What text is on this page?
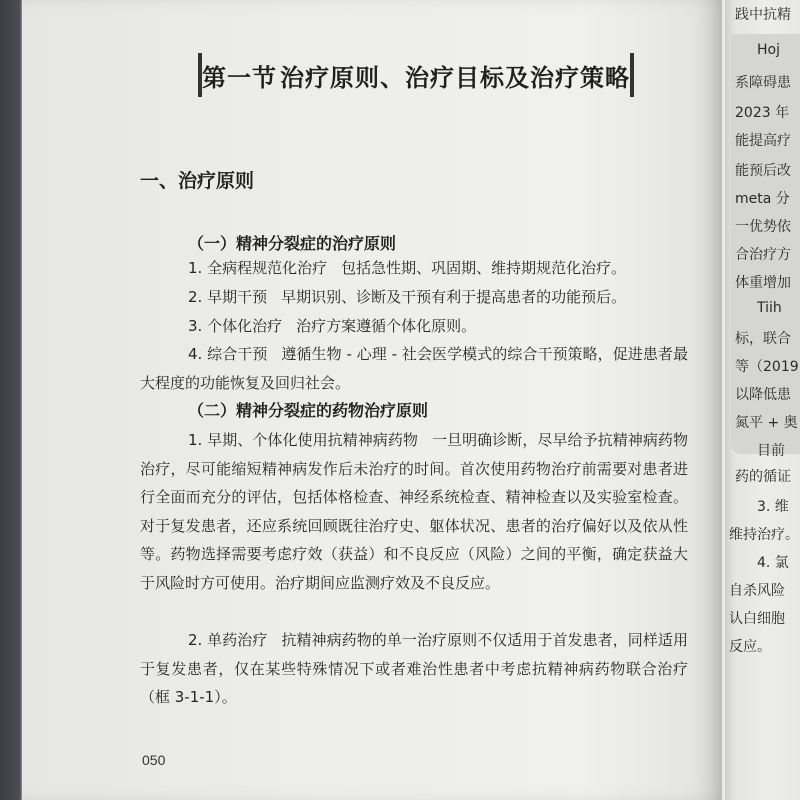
第一节 治疗原则、治疗目标及治疗策略
一、治疗原则
（一）精神分裂症的治疗原则

1. 全病程规范化治疗 包括急性期、巩固期、维持期规范化治疗。

2. 早期干预 早期识别、诊断及干预有利于提高患者的功能预后。

3. 个体化治疗 治疗方案遵循个体化原则。

4. 综合干预 遵循生物 - 心理 - 社会医学模式的综合干预策略，促进患者最大程度的功能恢复及回归社会。

（二）精神分裂症的药物治疗原则

1. 早期、个体化使用抗精神病药物 一旦明确诊断，尽早给予抗精神病药物治疗，尽可能缩短精神病发作后未治疗的时间。首次使用药物治疗前需要对患者进行全面而充分的评估，包括体格检查、神经系统检查、精神检查以及实验室检查。对于复发患者，还应系统回顾既往治疗史、躯体状况、患者的治疗偏好以及依从性等。药物选择需要考虑疗效（获益）和不良反应（风险）之间的平衡，确定获益大于风险时方可使用。治疗期间应监测疗效及不良反应。

2. 单药治疗 抗精神病药物的单一治疗原则不仅适用于首发患者，同样适用于复发患者，仅在某些特殊情况下或者难治性患者中考虑抗精神病药物联合治疗（框 3-1-1）。

050
践中抗精
Hoj
系障碍患
2023 年
能提高疗
能预后改
meta 分
一优势依
合治疗方
体重增加
Tiih
标，联合
等（2019
以降低患
氮平 + 奥
目前
药的循证
3. 维
维持治疗。
4. 氯
自杀风险
认白细胞
反应。
